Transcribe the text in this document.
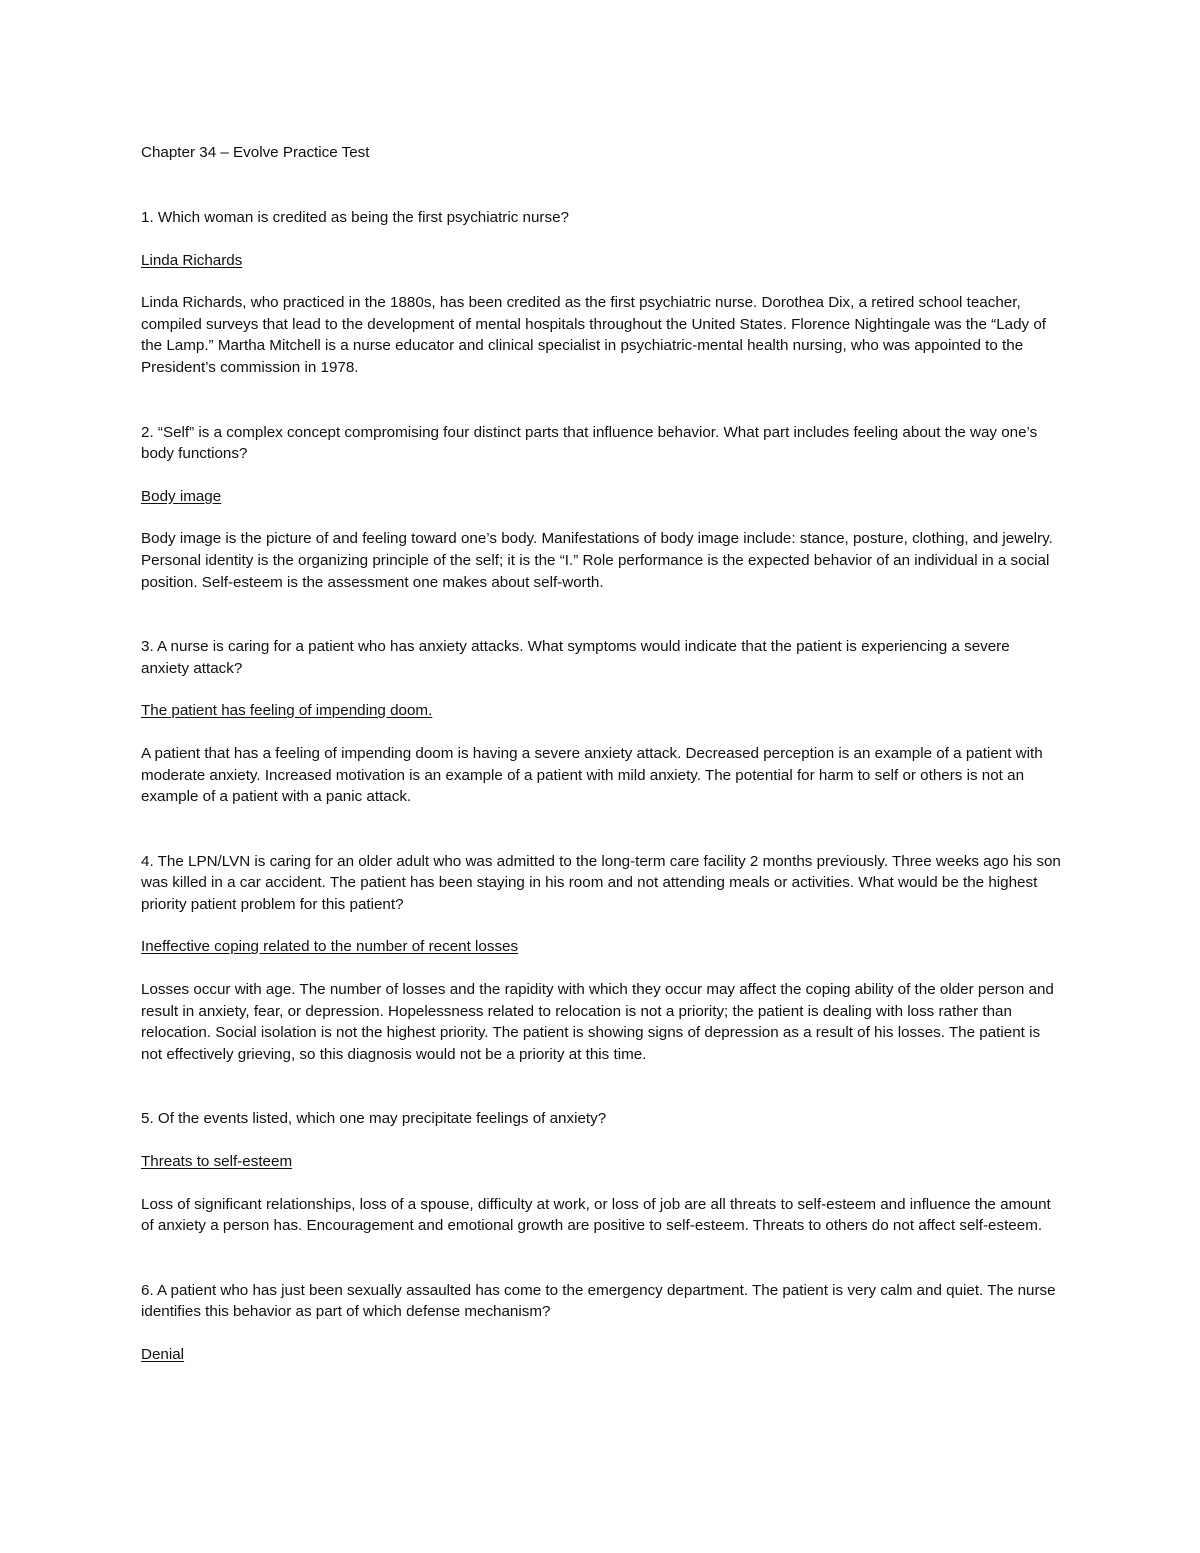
Chapter 34 – Evolve Practice Test

1. Which woman is credited as being the first psychiatric nurse?

Linda Richards

Linda Richards, who practiced in the 1880s, has been credited as the first psychiatric nurse. Dorothea Dix, a retired school teacher, compiled surveys that lead to the development of mental hospitals throughout the United States. Florence Nightingale was the “Lady of the Lamp.” Martha Mitchell is a nurse educator and clinical specialist in psychiatric-mental health nursing, who was appointed to the President’s commission in 1978.

2. “Self” is a complex concept compromising four distinct parts that influence behavior. What part includes feeling about the way one’s body functions?

Body image

Body image is the picture of and feeling toward one’s body. Manifestations of body image include: stance, posture, clothing, and jewelry. Personal identity is the organizing principle of the self; it is the “I.” Role performance is the expected behavior of an individual in a social position. Self-esteem is the assessment one makes about self-worth.

3. A nurse is caring for a patient who has anxiety attacks. What symptoms would indicate that the patient is experiencing a severe anxiety attack?

The patient has feeling of impending doom.

A patient that has a feeling of impending doom is having a severe anxiety attack. Decreased perception is an example of a patient with moderate anxiety. Increased motivation is an example of a patient with mild anxiety. The potential for harm to self or others is not an example of a patient with a panic attack.

4. The LPN/LVN is caring for an older adult who was admitted to the long-term care facility 2 months previously. Three weeks ago his son was killed in a car accident. The patient has been staying in his room and not attending meals or activities. What would be the highest priority patient problem for this patient?

Ineffective coping related to the number of recent losses

Losses occur with age. The number of losses and the rapidity with which they occur may affect the coping ability of the older person and result in anxiety, fear, or depression. Hopelessness related to relocation is not a priority; the patient is dealing with loss rather than relocation. Social isolation is not the highest priority. The patient is showing signs of depression as a result of his losses. The patient is not effectively grieving, so this diagnosis would not be a priority at this time.

5. Of the events listed, which one may precipitate feelings of anxiety?

Threats to self-esteem

Loss of significant relationships, loss of a spouse, difficulty at work, or loss of job are all threats to self-esteem and influence the amount of anxiety a person has. Encouragement and emotional growth are positive to self-esteem. Threats to others do not affect self-esteem.

6. A patient who has just been sexually assaulted has come to the emergency department. The patient is very calm and quiet. The nurse identifies this behavior as part of which defense mechanism?

Denial
